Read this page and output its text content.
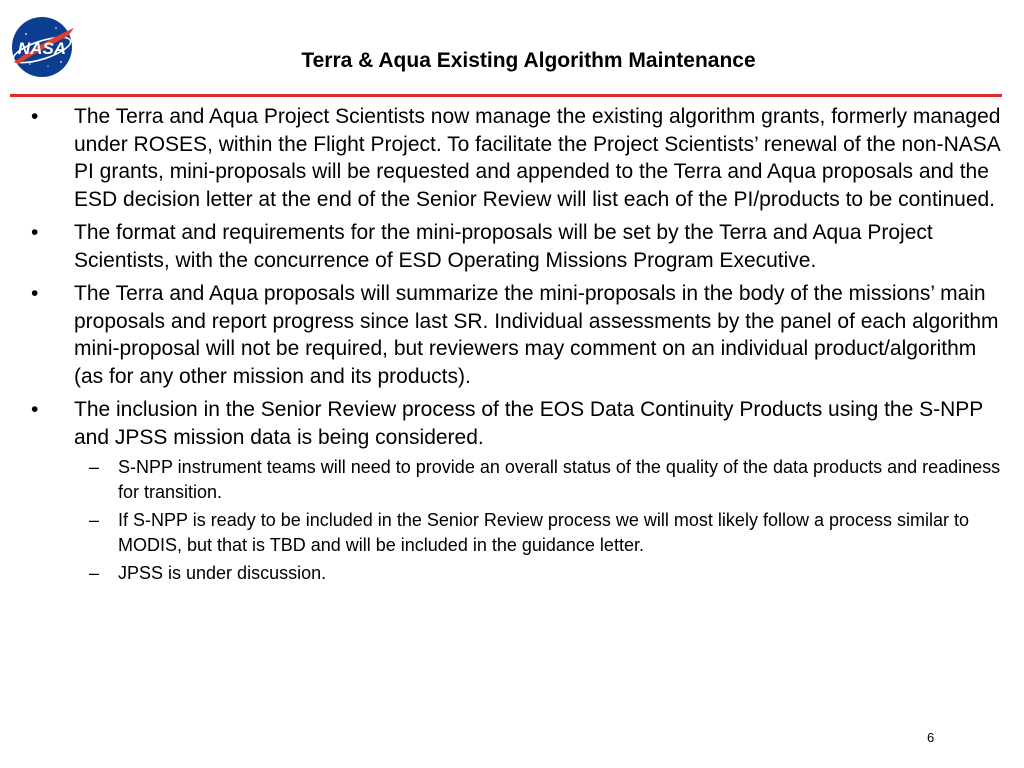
NASA
Terra & Aqua Existing Algorithm Maintenance
• The Terra and Aqua Project Scientists now manage the existing algorithm grants, formerly managed under ROSES, within the Flight Project. To facilitate the Project Scientists’ renewal of the non-NASA PI grants, mini-proposals will be requested and appended to the Terra and Aqua proposals and the ESD decision letter at the end of the Senior Review will list each of the PI/products to be continued.
• The format and requirements for the mini-proposals will be set by the Terra and Aqua Project Scientists, with the concurrence of ESD Operating Missions Program Executive.
• The Terra and Aqua proposals will summarize the mini-proposals in the body of the missions’ main proposals and report progress since last SR. Individual assessments by the panel of each algorithm mini-proposal will not be required, but reviewers may comment on an individual product/algorithm (as for any other mission and its products).
• The inclusion in the Senior Review process of the EOS Data Continuity Products using the S-NPP and JPSS mission data is being considered.
– S-NPP instrument teams will need to provide an overall status of the quality of the data products and readiness for transition.
– If S-NPP is ready to be included in the Senior Review process we will most likely follow a process similar to MODIS, but that is TBD and will be included in the guidance letter.
– JPSS is under discussion.
6
